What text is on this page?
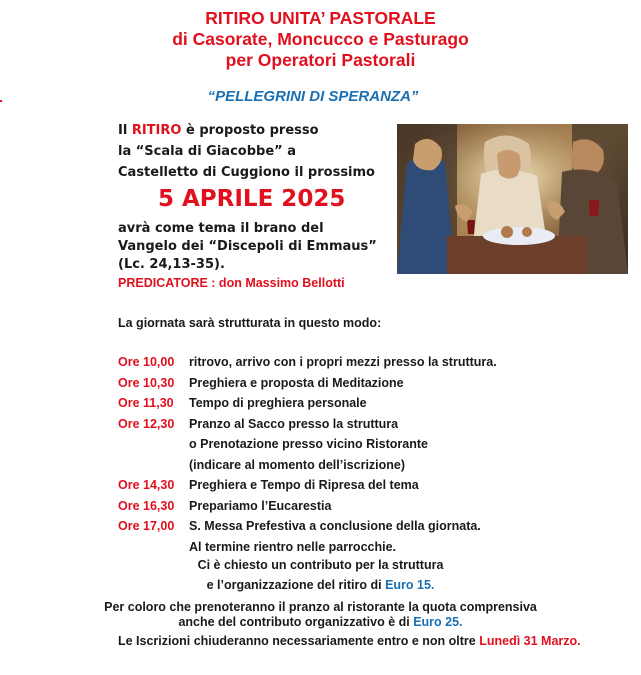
RITIRO UNITA’ PASTORALE
di Casorate, Moncucco e Pasturago
per Operatori Pastorali
“PELLEGRINI DI SPERANZA”
Il RITIRO è proposto presso
la “Scala di Giacobbe” a
Castelletto di Cuggiono il prossimo
5 APRILE 2025
avrà come tema il brano del
Vangelo dei “Discepoli di Emmaus”
(Lc. 24,13-35).
PREDICATORE : don Massimo Bellotti
La giornata sarà strutturata in questo modo:
Ore 10,00 ritrovo, arrivo con i propri mezzi presso la struttura.
Ore 10,30 Preghiera e proposta di Meditazione
Ore 11,30 Tempo di preghiera personale
Ore 12,30 Pranzo al Sacco presso la struttura
o Prenotazione presso vicino Ristorante
(indicare al momento dell’iscrizione)
Ore 14,30 Preghiera e Tempo di Ripresa del tema
Ore 16,30 Prepariamo l’Eucarestia
Ore 17,00 S. Messa Prefestiva a conclusione della giornata.
Al termine rientro nelle parrocchie.
Ci è chiesto un contributo per la struttura
e l’organizzazione del ritiro di Euro 15.
Per coloro che prenoteranno il pranzo al ristorante la quota comprensiva
anche del contributo organizzativo è di Euro 25.
Le Iscrizioni chiuderanno necessariamente entro e non oltre Lunedì 31 Marzo.
